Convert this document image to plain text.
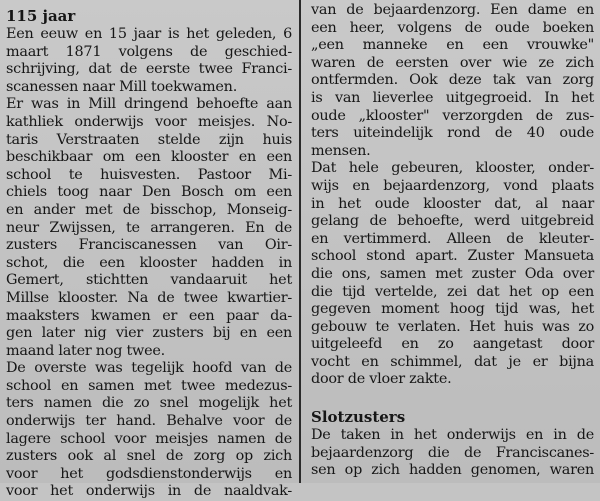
115 jaar
Een eeuw en 15 jaar is het geleden, 6
maart 1871 volgens de geschied-
schrijving, dat de eerste twee Franci-
scanessen naar Mill toekwamen.
Er was in Mill dringend behoefte aan
kathliek onderwijs voor meisjes. No-
taris Verstraaten stelde zijn huis
beschikbaar om een klooster en een
school te huisvesten. Pastoor Mi-
chiels toog naar Den Bosch om een
en ander met de bisschop, Monseig-
neur Zwijssen, te arrangeren. En de
zusters Franciscanessen van Oir-
schot, die een klooster hadden in
Gemert, stichtten vandaaruit het
Millse klooster. Na de twee kwartier-
maaksters kwamen er een paar da-
gen later nig vier zusters bij en een
maand later nog twee.
De overste was tegelijk hoofd van de
school en samen met twee medezus-
ters namen die zo snel mogelijk het
onderwijs ter hand. Behalve voor de
lagere school voor meisjes namen de
zusters ook al snel de zorg op zich
voor het godsdienstonderwijs en
voor het onderwijs in de naaldvak-
van de bejaardenzorg. Een dame en
een heer, volgens de oude boeken
„een manneke en een vrouwke"
waren de eersten over wie ze zich
ontfermden. Ook deze tak van zorg
is van lieverlee uitgegroeid. In het
oude „klooster" verzorgden de zus-
ters uiteindelijk rond de 40 oude
mensen.
Dat hele gebeuren, klooster, onder-
wijs en bejaardenzorg, vond plaats
in het oude klooster dat, al naar
gelang de behoefte, werd uitgebreid
en vertimmerd. Alleen de kleuter-
school stond apart. Zuster Mansueta
die ons, samen met zuster Oda over
die tijd vertelde, zei dat het op een
gegeven moment hoog tijd was, het
gebouw te verlaten. Het huis was zo
uitgeleefd en zo aangetast door
vocht en schimmel, dat je er bijna
door de vloer zakte.
Slotzusters
De taken in het onderwijs en in de
bejaardenzorg die de Franciscanes-
sen op zich hadden genomen, waren
